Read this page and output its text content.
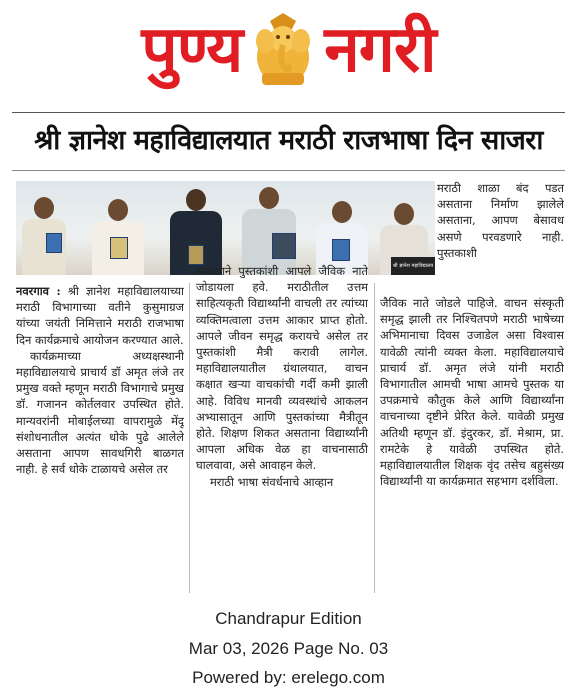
पुण्य नगरी
श्री ज्ञानेश महाविद्यालयात मराठी राजभाषा दिन साजरा
श्री ज्ञानेश महाविद्यालय

मराठी शाळा बंद पडत असताना निर्माण झालेले असताना, आपण बेसावध असणे परवडणारे नाही. पुस्तकाशी

नवरगाव : श्री ज्ञानेश महाविद्यालयाच्या मराठी विभागाच्या वतीने कुसुमाग्रज यांच्या जयंती निमित्ताने मराठी राजभाषा दिन कार्यक्रमाचे आयोजन करण्यात आले.

कार्यक्रमाच्या अध्यक्षस्थानी महाविद्यालयाचे प्राचार्य डॉ अमृत लंजे तर प्रमुख वक्ते म्हणून मराठी विभागाचे प्रमुख डॉ. गजानन कोर्तलवार उपस्थित होते. मान्यवरांनी मोबाईलच्या वापरामुळे मेंदू संशोधनातील अत्यंत धोके पुढे आलेले असताना आपण सावधगिरी बाळगत नाही. हे सर्व धोके टाळायचे असेल तर

समाजाने पुस्तकांशी आपले जैविक नाते जोडायला हवे. मराठीतील उत्तम साहित्यकृती विद्यार्थ्यांनी वाचली तर त्यांच्या व्यक्तिमत्वाला उत्तम आकार प्राप्त होतो. आपले जीवन समृद्ध करायचे असेल तर पुस्तकांशी मैत्री करावी लागेल. महाविद्यालयातील ग्रंथालयात, वाचन कक्षात खऱ्या वाचकांची गर्दी कमी झाली आहे. विविध मानवी व्यवस्थांचे आकलन अभ्यासातून आणि पुस्तकांच्या मैत्रीतून होते. शिक्षण शिकत असताना विद्यार्थ्यांनी आपला अधिक वेळ हा वाचनासाठी घालवावा, असे आवाहन केले.

मराठी भाषा संवर्धनाचे आव्हान

जैविक नाते जोडले पाहिजे. वाचन संस्कृती समृद्ध झाली तर निश्चितपणे मराठी भाषेच्या अभिमानाचा दिवस उजाडेल असा विश्वास यावेळी त्यांनी व्यक्त केला. महाविद्यालयाचे प्राचार्य डॉ. अमृत लंजे यांनी मराठी विभागातील आमची भाषा आमचे पुस्तक या उपक्रमाचे कौतुक केले आणि विद्यार्थ्यांना वाचनाच्या दृष्टीने प्रेरित केले. यावेळी प्रमुख अतिथी म्हणून डॉ. इंदुरकर, डॉ. मेश्राम, प्रा. रामटेके हे यावेळी उपस्थित होते. महाविद्यालयातील शिक्षक वृंद तसेच बहुसंख्य विद्यार्थ्यांनी या कार्यक्रमात सहभाग दर्शविला.

Chandrapur Edition
Mar 03, 2026 Page No. 03
Powered by: erelego.com
